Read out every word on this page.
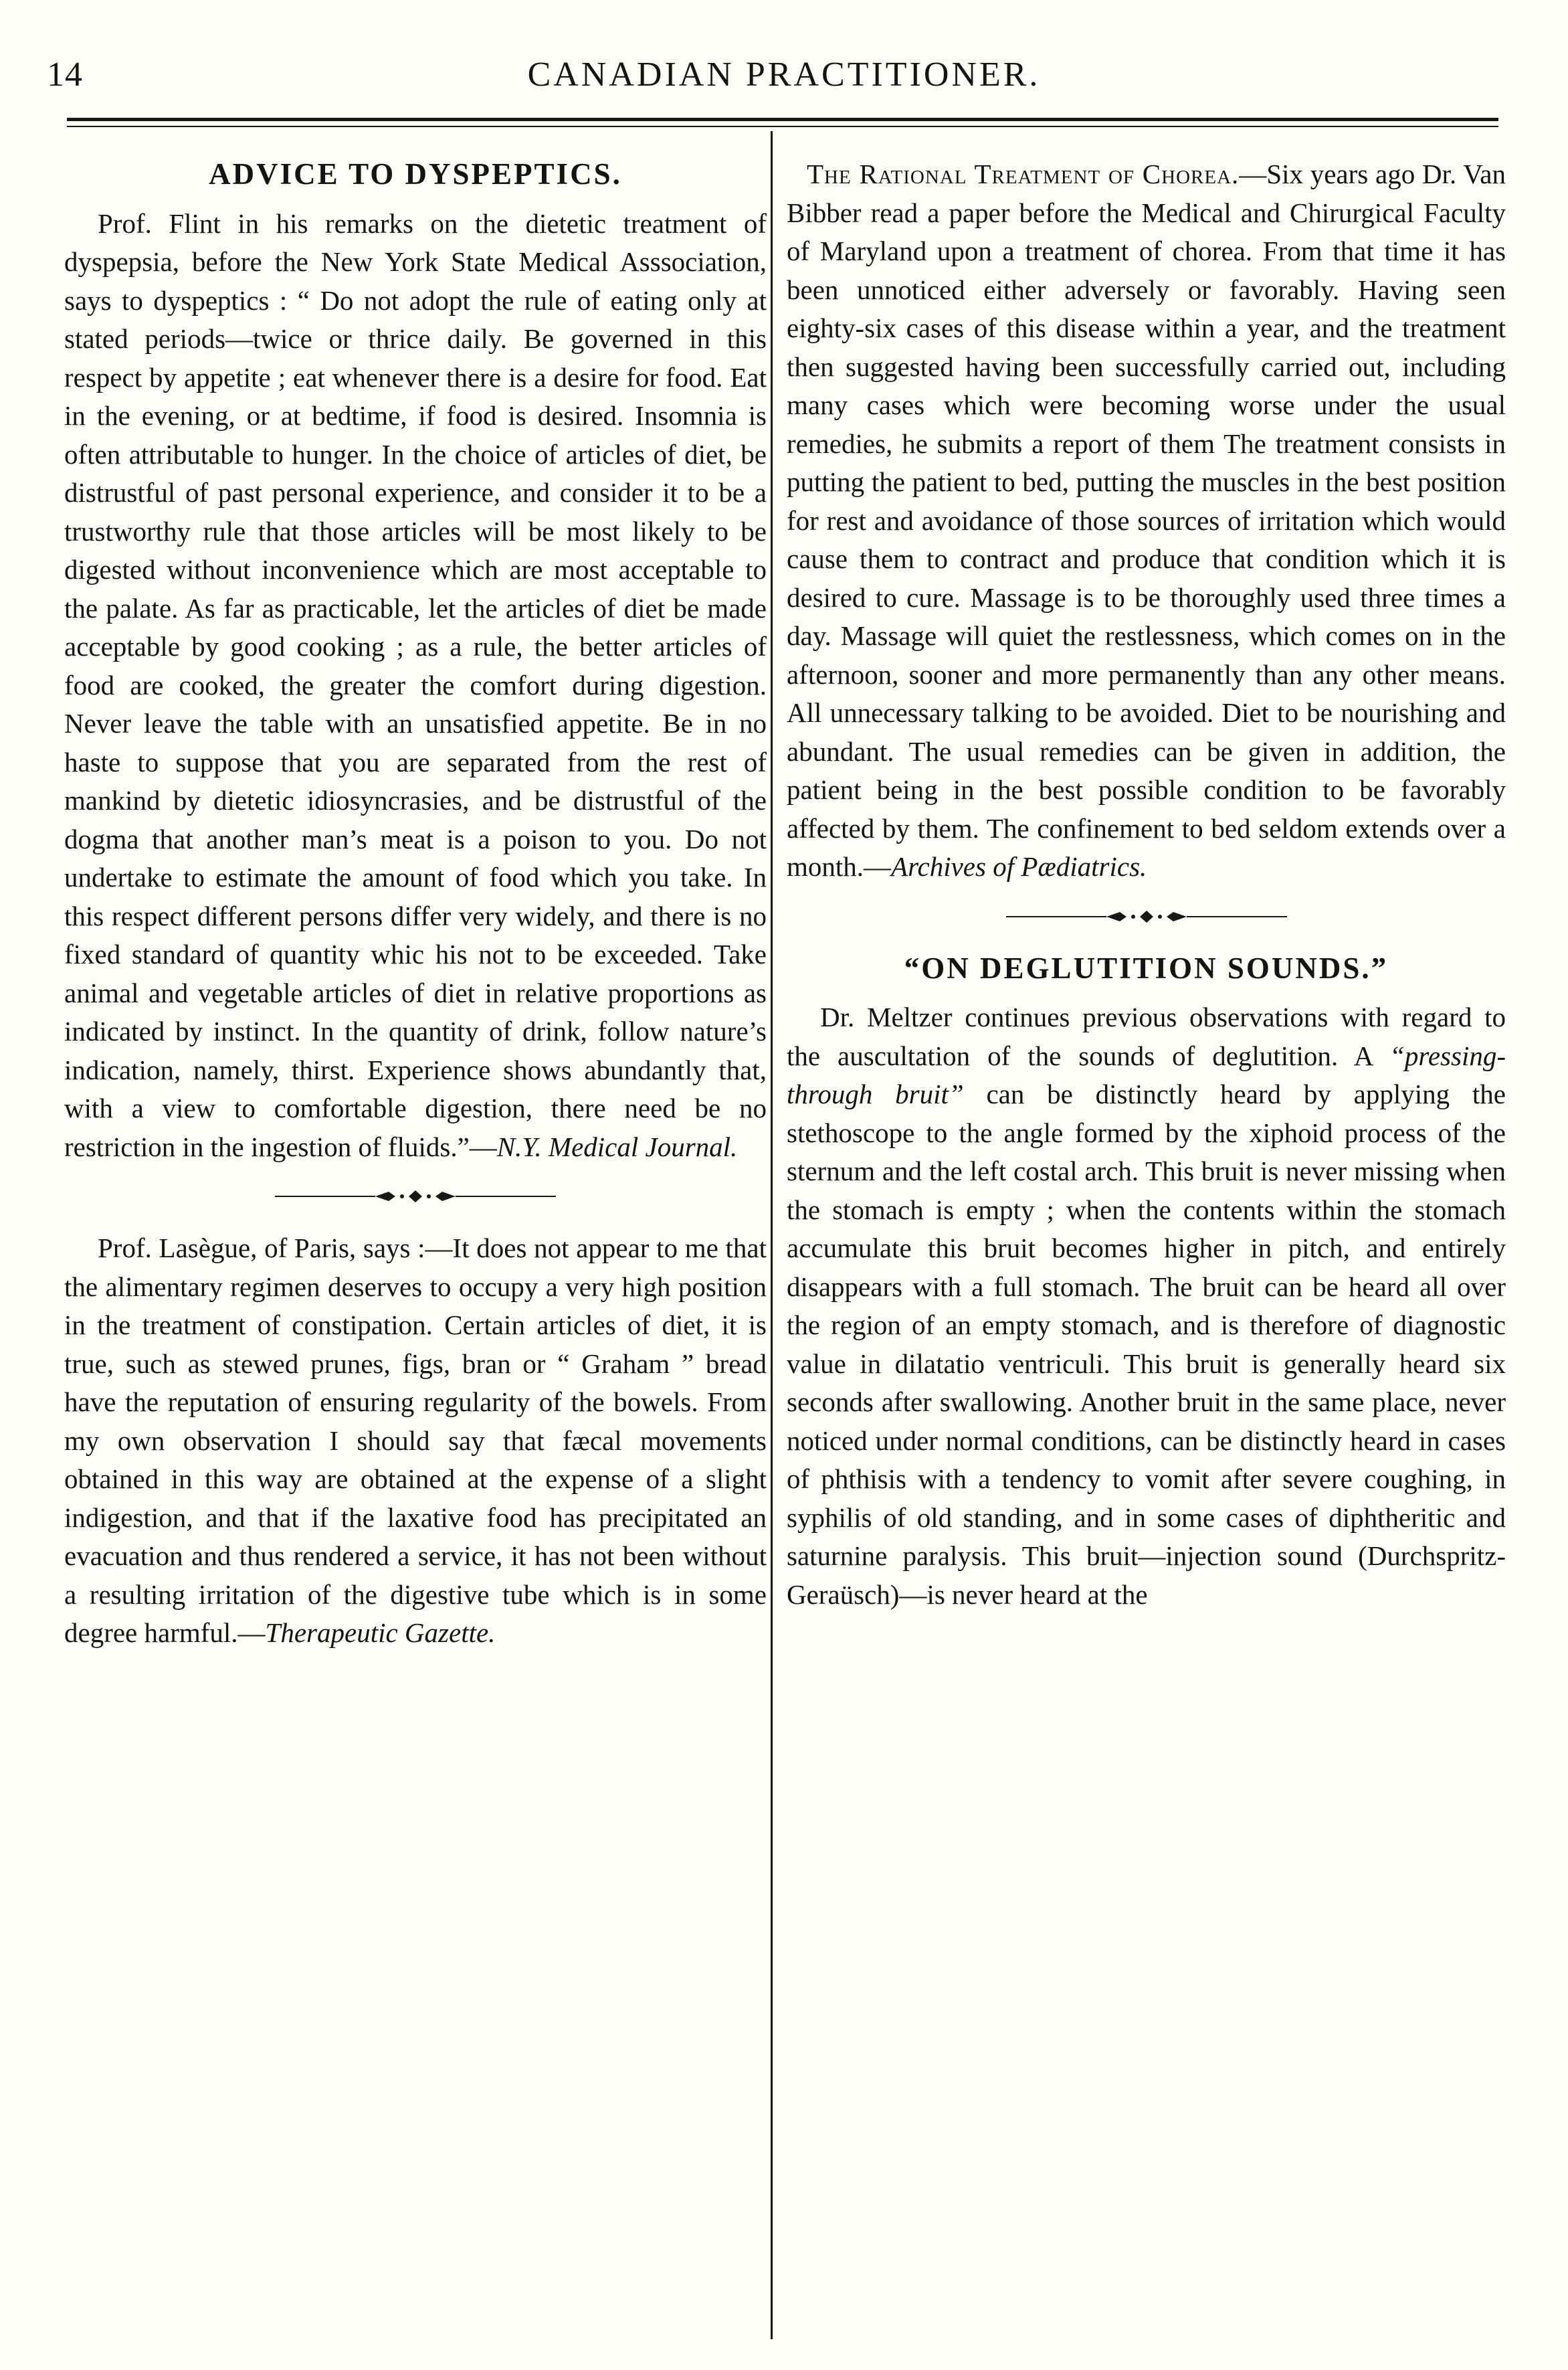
CANADIAN PRACTITIONER.
14
ADVICE TO DYSPEPTICS.

Prof. Flint in his remarks on the dietetic treatment of dyspepsia, before the New York State Medical Asssociation, says to dyspeptics : “ Do not adopt the rule of eating only at stated periods—twice or thrice daily. Be governed in this respect by appetite ; eat whenever there is a desire for food. Eat in the evening, or at bedtime, if food is desired. Insomnia is often attributable to hunger. In the choice of articles of diet, be distrustful of past personal experience, and consider it to be a trustworthy rule that those articles will be most likely to be digested without inconvenience which are most acceptable to the palate. As far as practicable, let the articles of diet be made acceptable by good cooking ; as a rule, the better articles of food are cooked, the greater the comfort during digestion. Never leave the table with an unsatisfied appetite. Be in no haste to suppose that you are separated from the rest of mankind by dietetic idiosyncrasies, and be distrustful of the dogma that another man’s meat is a poison to you. Do not undertake to estimate the amount of food which you take. In this respect different persons differ very widely, and there is no fixed standard of quantity whic his not to be exceeded. Take animal and vegetable articles of diet in relative proportions as indicated by instinct. In the quantity of drink, follow nature’s indication, namely, thirst. Experience shows abundantly that, with a view to comfortable digestion, there need be no restriction in the ingestion of fluids.”—N.Y. Medical Journal.

Prof. Lasègue, of Paris, says :—It does not appear to me that the alimentary regimen deserves to occupy a very high position in the treatment of constipation. Certain articles of diet, it is true, such as stewed prunes, figs, bran or “ Graham ” bread have the reputation of ensuring regularity of the bowels. From my own observation I should say that fæcal movements obtained in this way are obtained at the expense of a slight indigestion, and that if the laxative food has precipitated an evacuation and thus rendered a service, it has not been without a resulting irritation of the digestive tube which is in some degree harmful.—Therapeutic Gazette.

The Rational Treatment of Chorea.—Six years ago Dr. Van Bibber read a paper before the Medical and Chirurgical Faculty of Maryland upon a treatment of chorea. From that time it has been unnoticed either adversely or favorably. Having seen eighty-six cases of this disease within a year, and the treatment then suggested having been successfully carried out, including many cases which were becoming worse under the usual remedies, he submits a report of them The treatment consists in putting the patient to bed, putting the muscles in the best position for rest and avoidance of those sources of irritation which would cause them to contract and produce that condition which it is desired to cure. Massage is to be thoroughly used three times a day. Massage will quiet the restlessness, which comes on in the afternoon, sooner and more permanently than any other means. All unnecessary talking to be avoided. Diet to be nourishing and abundant. The usual remedies can be given in addition, the patient being in the best possible condition to be favorably affected by them. The confinement to bed seldom extends over a month.—Archives of Pædiatrics.

“ON DEGLUTITION SOUNDS.”

Dr. Meltzer continues previous observations with regard to the auscultation of the sounds of deglutition. A “pressing-through bruit” can be distinctly heard by applying the stethoscope to the angle formed by the xiphoid process of the sternum and the left costal arch. This bruit is never missing when the stomach is empty ; when the contents within the stomach accumulate this bruit becomes higher in pitch, and entirely disappears with a full stomach. The bruit can be heard all over the region of an empty stomach, and is therefore of diagnostic value in dilatatio ventriculi. This bruit is generally heard six seconds after swallowing. Another bruit in the same place, never noticed under normal conditions, can be distinctly heard in cases of phthisis with a tendency to vomit after severe coughing, in syphilis of old standing, and in some cases of diphtheritic and saturnine paralysis. This bruit—injection sound (Durchspritz-Geraüsch)—is never heard at the
